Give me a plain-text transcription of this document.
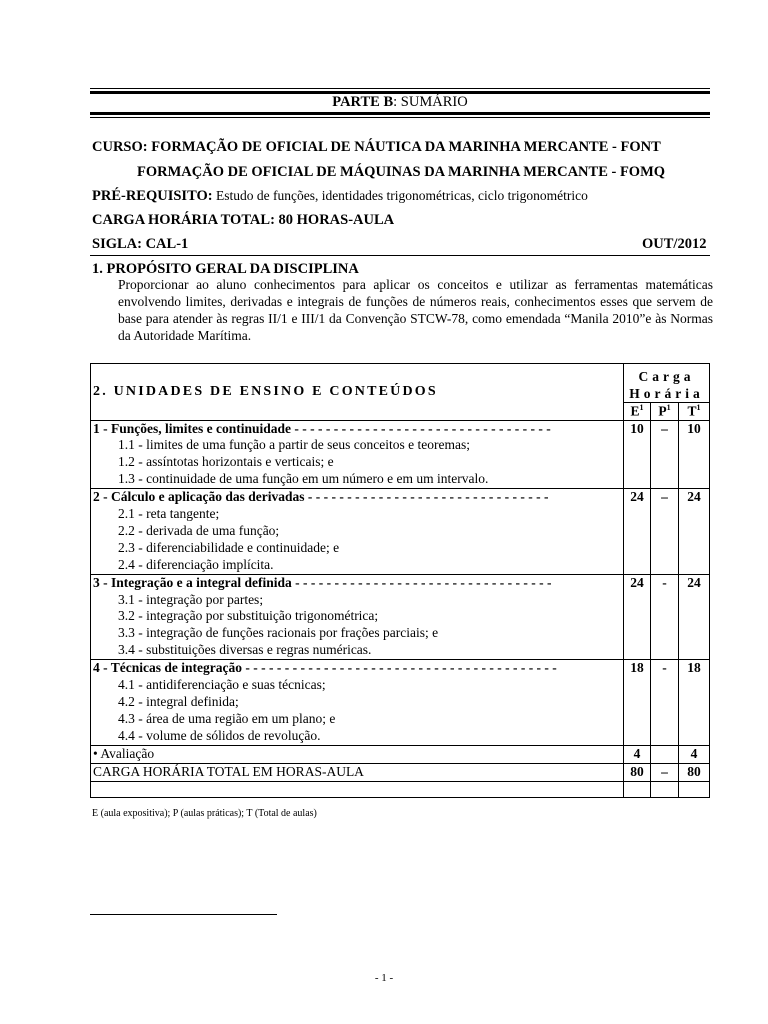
PARTE B: SUMÁRIO
CURSO: FORMAÇÃO DE OFICIAL DE NÁUTICA DA MARINHA MERCANTE - FONT
FORMAÇÃO DE OFICIAL DE MÁQUINAS DA MARINHA MERCANTE - FOMQ
PRÉ-REQUISITO: Estudo de funções, identidades trigonométricas, ciclo trigonométrico
CARGA HORÁRIA TOTAL: 80 HORAS-AULA
SIGLA: CAL-1	OUT/2012
1. PROPÓSITO GERAL DA DISCIPLINA
Proporcionar ao aluno conhecimentos para aplicar os conceitos e utilizar as ferramentas matemáticas envolvendo limites, derivadas e integrais de funções de números reais, conhecimentos esses que servem de base para atender às regras II/1 e III/1 da Convenção STCW-78, como emendada “Manila 2010”e às Normas da Autoridade Marítima.
2. UNIDADES DE ENSINO E CONTEÚDOS	Carga
Horária		

	$E^1$	$P^1$	$T^1$

1 - Funções, limites e continuidade - - - - - - - - - - - - - - - - - - - - - - - - - - - - - - - - -
1.1 - limites de uma função a partir de seus conceitos e teoremas;
1.2 - assíntotas horizontais e verticais; e
1.3 - continuidade de uma função em um número e em um intervalo.	10	–	10

2 - Cálculo e aplicação das derivadas - - - - - - - - - - - - - - - - - - - - - - - - - - - - - - -
2.1 - reta tangente;
2.2 - derivada de uma função;
2.3 - diferenciabilidade e continuidade; e
2.4 - diferenciação implícita.	24	–	24

3 - Integração e a integral definida - - - - - - - - - - - - - - - - - - - - - - - - - - - - - - - - -
3.1 - integração por partes;
3.2 - integração por substituição trigonométrica;
3.3 - integração de funções racionais por frações parciais; e
3.4 - substituições diversas e regras numéricas.	24	-	24

4 - Técnicas de integração - - - - - - - - - - - - - - - - - - - - - - - - - - - - - - - - - - - - - - - -
4.1 - antidiferenciação e suas técnicas;
4.2 - integral definida;
4.3 - área de uma região em um plano; e
4.4 - volume de sólidos de revolução.	18	-	18
• Avaliação	4		4
CARGA HORÁRIA TOTAL EM HORAS-AULA	80	–	80

E (aula expositiva); P (aulas práticas); T (Total de aulas)
- 1 -
